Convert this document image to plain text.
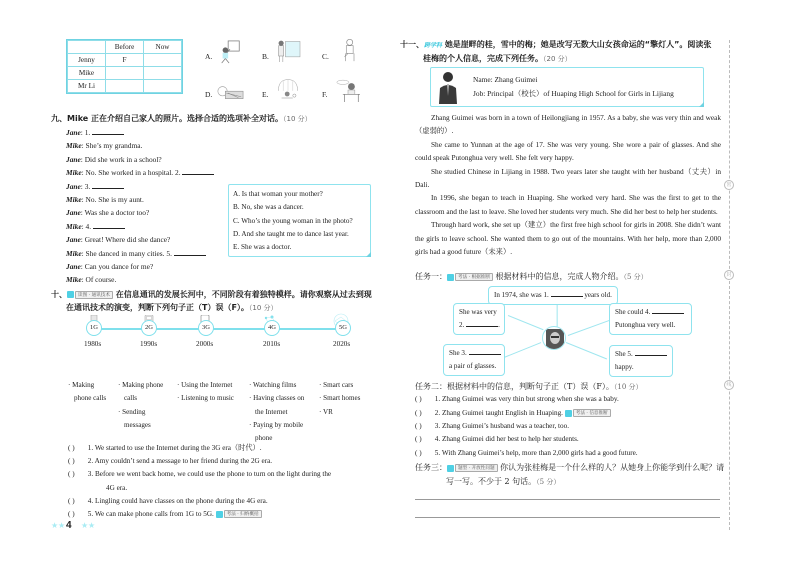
	Before	Now
Jenny	F	
Mike		
Mr Li		
A.	B.	C.
D.	E.	F.
九、Mike 正在介绍自己家人的照片。选择合适的选项补全对话。（10 分）
Jane: 1.
Mike: She’s my grandma.
Jane: Did she work in a school?
Mike: No. She worked in a hospital. 2.
Jane: 3.
Mike: No. She is my aunt.
Jane: Was she a doctor too?
Mike: 4.
Jane: Great! Where did she dance?
Mike: She danced in many cities. 5.
Jane: Can you dance for me?
Mike: Of course.
A. Is that woman your mother?
B. No, she was a dancer.
C. Who’s the young woman in the photo?
D. And she taught me to dance last year.
E. She was a doctor.
十、 读图 · 通讯技术 在信息通讯的发展长河中，不同阶段有着独特模样。请你观察从过去到现
在通讯技术的演变，判断下列句子正（T）误（F）。（10 分）
1G	2G	3G	4G	5G
1980s	1990s	2000s	2010s	2020s
· Making
phone calls
· Making phone
calls
· Sending
messages
· Using the Internet
· Listening to music
· Watching films
· Having classes on
the Internet
· Paying by mobile
phone
· Smart cars
· Smart homes
· VR
( ) 1. We started to use the Internet during the 3G era（时代）.
( ) 2. Amy couldn’t send a message to her friend during the 2G era.
( ) 3. Before we went back home, we could use the phone to turn on the light during the
4G era.
( ) 4. Lingling could have classes on the phone during the 4G era.
( ) 5. We can make phone calls from 1G to 5G.	考法 · 归纳概括
★ ★ 4 ★ ★
密
封
线
十一、跨学科 她是崖畔的桂，雪中的梅；她是改写无数大山女孩命运的“擎灯人”。阅读张
桂梅的个人信息，完成下列任务。（20 分）
Name: Zhang Guimei
Job: Principal（校长）of Huaping High School for Girls in Lijiang

Zhang Guimei was born in a town of Heilongjiang in 1957. As a baby, she was very thin and weak（虚弱的）.

She came to Yunnan at the age of 17. She was very young. She wore a pair of glasses. And she could speak Putonghua very well. She felt very happy.

She studied Chinese in Lijiang in 1988. Two years later she taught with her husband（丈夫）in Dali.

In 1996, she began to teach in Huaping. She worked very hard. She was the first to get to the classroom and the last to leave. She loved her students very much. She did her best to help her students.

Through hard work, she set up（建立）the first free high school for girls in 2008. She didn’t want the girls to leave school. She wanted them to go out of the mountains. With her help, more than 2,000 girls had a good future（未来）.

任务一： 考法 · 根据推断 根据材料中的信息，完成人物介绍。（5 分）
In 1974, she was 1.	years old.
She was very
2.	.
She 3.
a pair of glasses.
She could 4.
Putonghua very well.
She 5.
happy.
任务二：根据材料中的信息，判断句子正（T）误（F）。（10 分）
( ) 1. Zhang Guimei was very thin but strong when she was a baby.
( ) 2. Zhang Guimei taught English in Huaping.	考法 · 信息推断
( ) 3. Zhang Guimei’s husband was a teacher, too.
( ) 4. Zhang Guimei did her best to help her students.
( ) 5. With Zhang Guimei’s help, more than 2,000 girls had a good future.
任务三： 题型 · 开放性问题 你认为张桂梅是一个什么样的人？从她身上你能学到什么呢？请
写一写。不少于 2 句话。（5 分）
